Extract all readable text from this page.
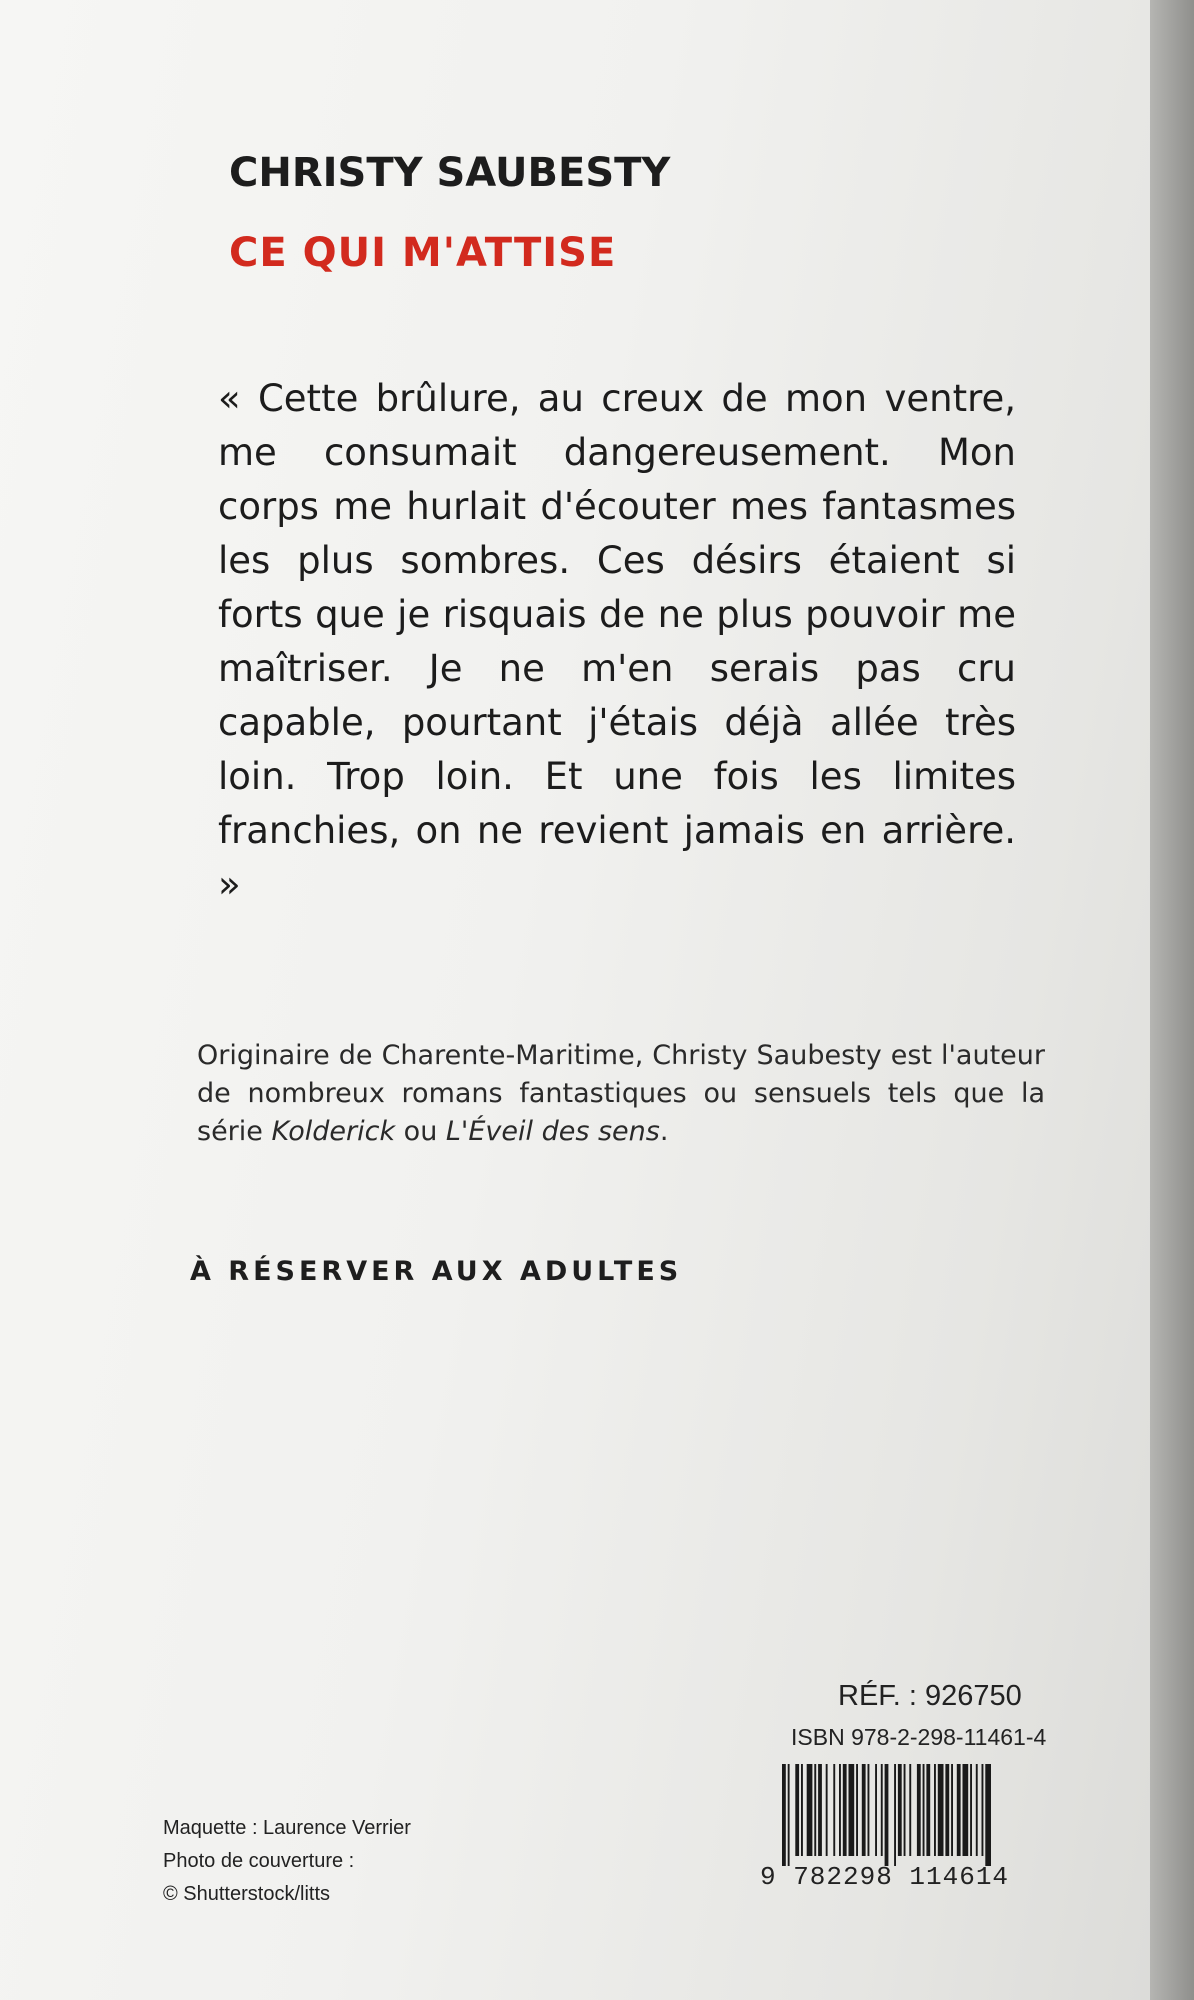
CHRISTY SAUBESTY
CE QUI M'ATTISE

« Cette brûlure, au creux de mon ventre, me consumait dangereusement. Mon corps me hurlait d'écouter mes fantasmes les plus sombres. Ces désirs étaient si forts que je risquais de ne plus pouvoir me maîtriser. Je ne m'en serais pas cru capable, pourtant j'étais déjà allée très loin. Trop loin. Et une fois les limites franchies, on ne revient jamais en arrière. »

Originaire de Charente-Maritime, Christy Saubesty est l'auteur de nombreux romans fantastiques ou sensuels tels que la série Kolderick ou L'Éveil des sens.

À RÉSERVER AUX ADULTES
RÉF. : 926750
ISBN 978-2-298-11461-4
9 782298 114614
Maquette : Laurence Verrier
Photo de couverture :
© Shutterstock/litts
